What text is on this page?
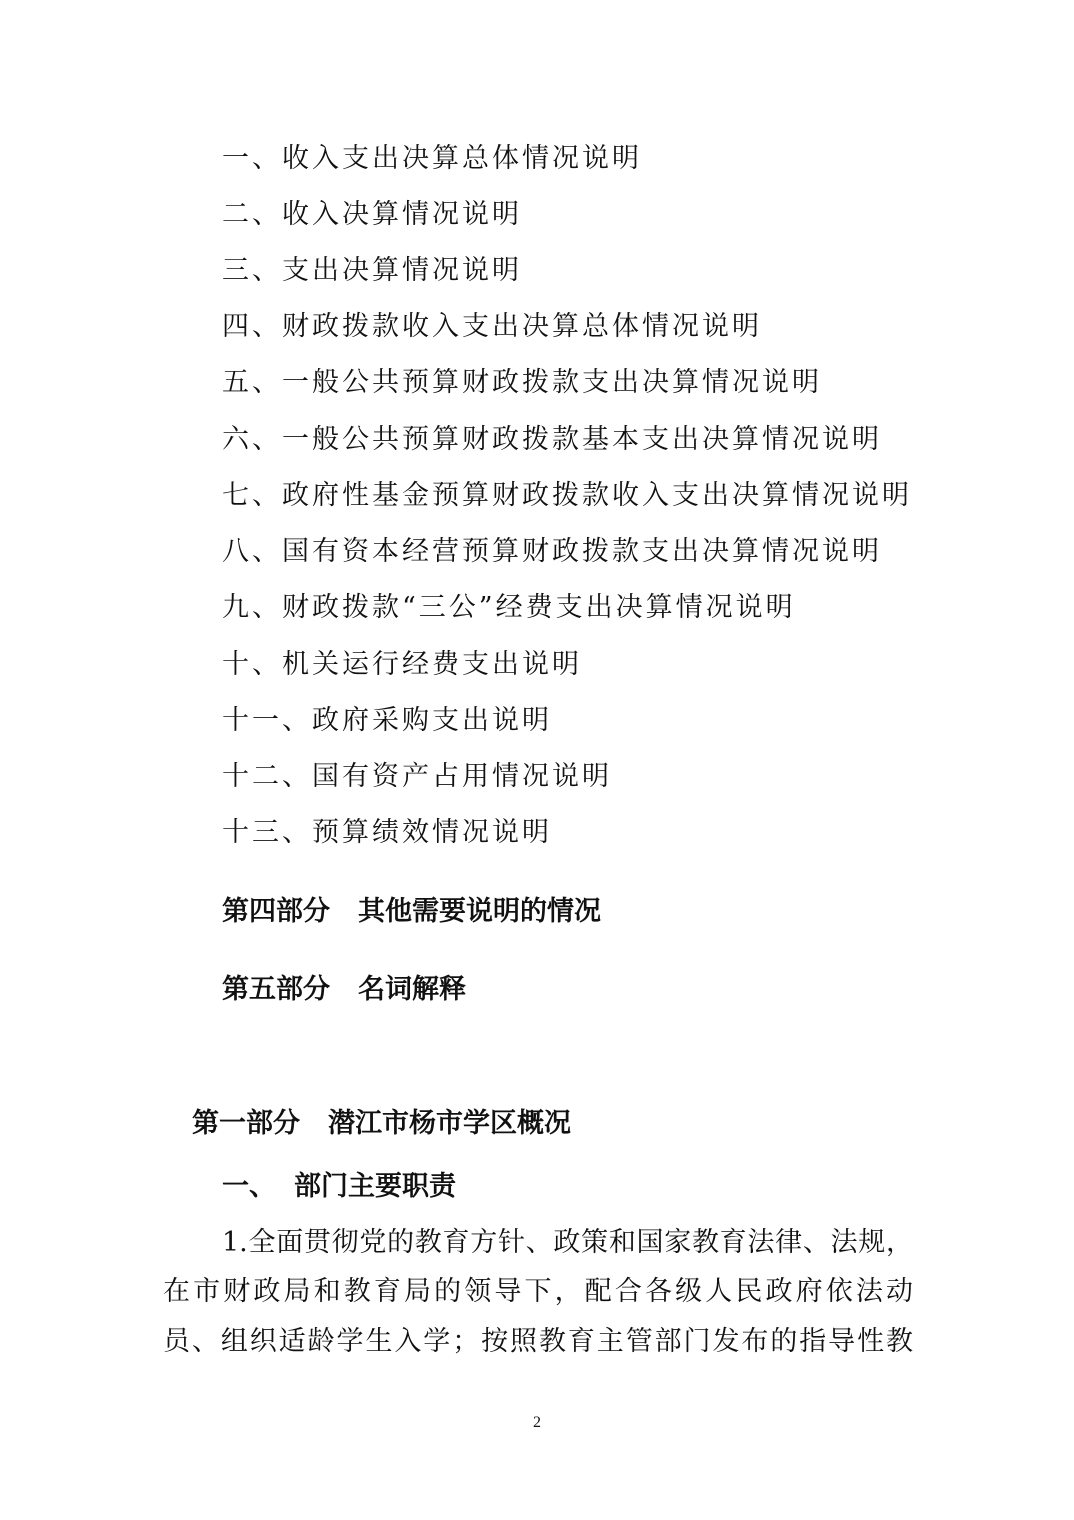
一、收入支出决算总体情况说明
二、收入决算情况说明
三、支出决算情况说明
四、财政拨款收入支出决算总体情况说明
五、一般公共预算财政拨款支出决算情况说明
六、一般公共预算财政拨款基本支出决算情况说明
七、政府性基金预算财政拨款收入支出决算情况说明
八、国有资本经营预算财政拨款支出决算情况说明
九、财政拨款“三公”经费支出决算情况说明
十、机关运行经费支出说明
十一、政府采购支出说明
十二、国有资产占用情况说明
十三、预算绩效情况说明
第四部分 其他需要说明的情况
第五部分 名词解释
第一部分 潜江市杨市学区概况
一、 部门主要职责
1.全面贯彻党的教育方针、政策和国家教育法律、法规，
在市财政局和教育局的领导下，配合各级人民政府依法动
员、组织适龄学生入学；按照教育主管部门发布的指导性教
2
